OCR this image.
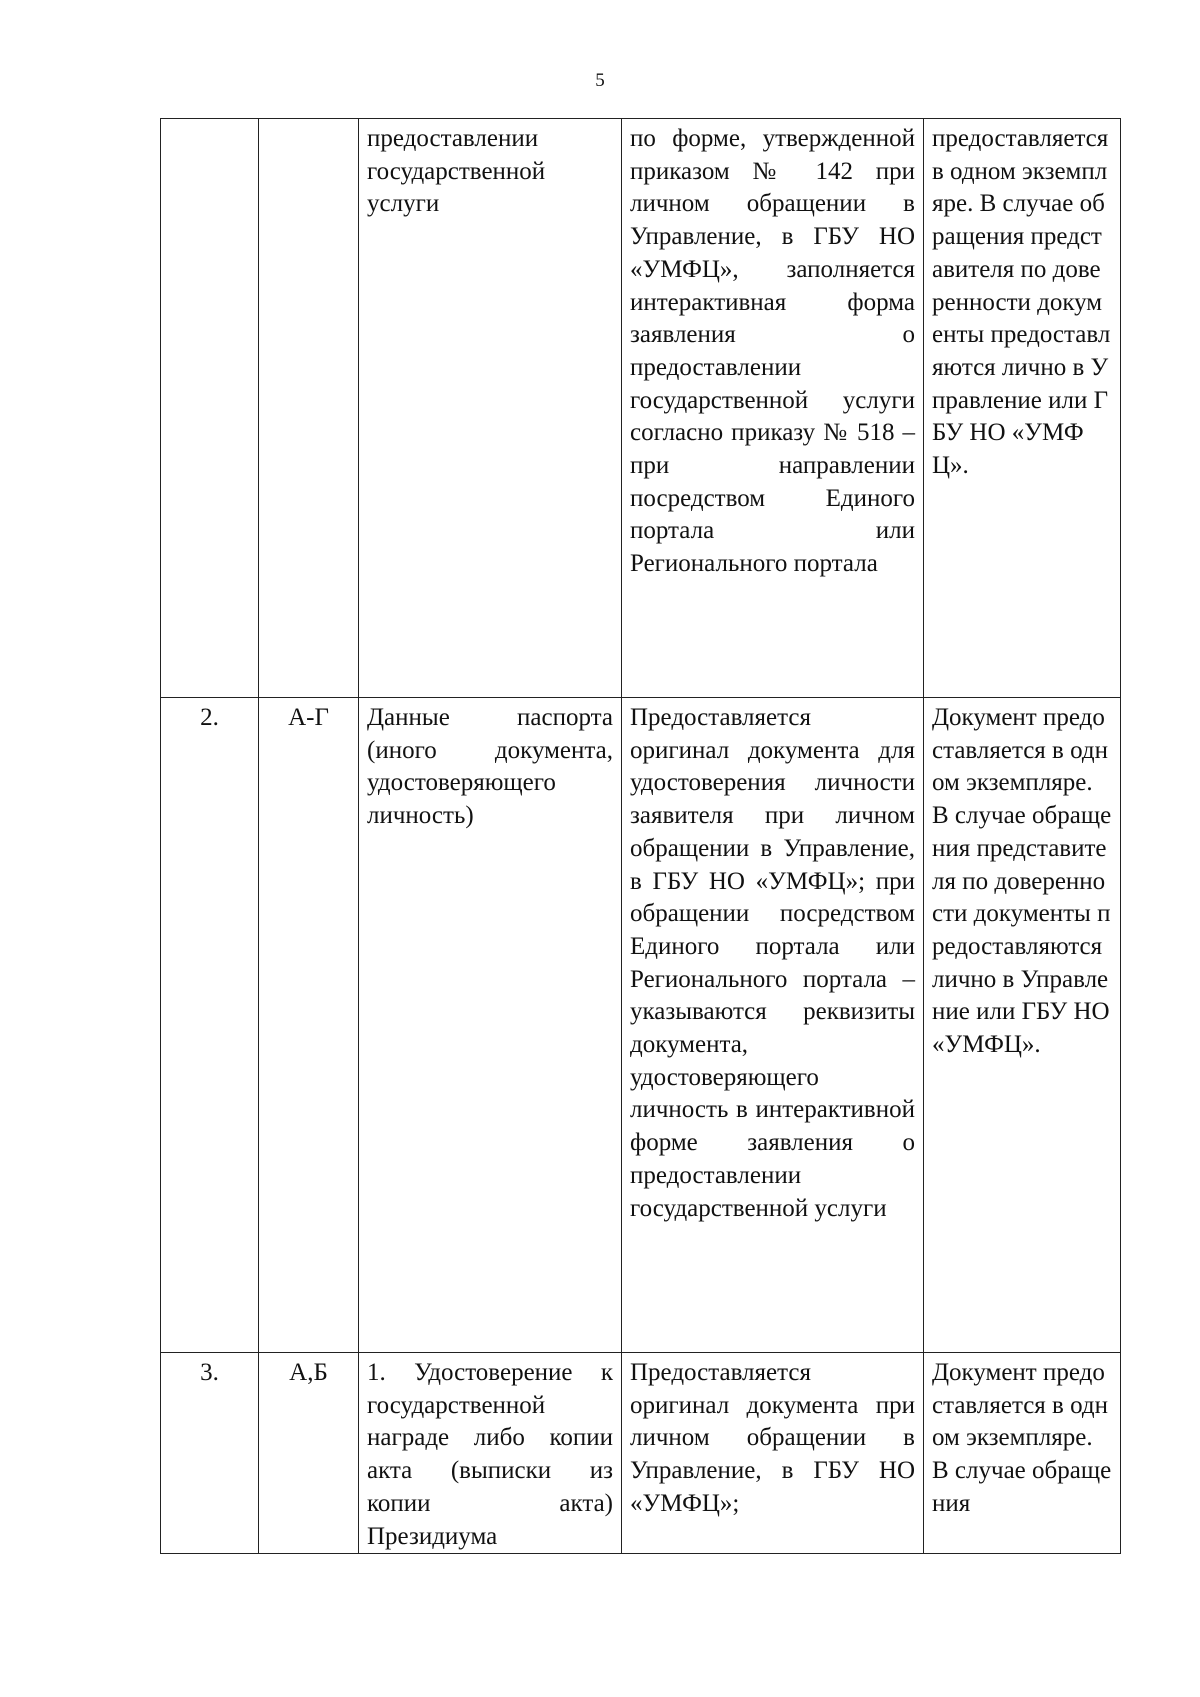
5
		предоставлении государственной услуги	по форме, утвержденной приказом № 142 при личном обращении в Управление, в ГБУ НО «УМФЦ», заполняется интерактивная форма заявления о предоставлении государственной услуги согласно приказу № 518 – при направлении посредством Единого портала или Регионального портала	предоставляется в одном экземпляре. В случае обращения представителя по доверенности документы предоставляются лично в Управление или ГБУ НО «УМФЦ».
2.	А-Г	Данные паспорта (иного документа, удостоверяющего личность)	Предоставляется оригинал документа для удостоверения личности заявителя при личном обращении в Управление, в ГБУ НО «УМФЦ»; при обращении посредством Единого портала или Регионального портала – указываются реквизиты документа, удостоверяющего личность в интерактивной форме заявления о предоставлении государственной услуги	Документ предоставляется в одном экземпляре. В случае обращения представителя по доверенности документы предоставляются лично в Управление или ГБУ НО «УМФЦ».
3.	А,Б	1. Удостоверение к государственной награде либо копии акта (выписки из копии акта) Президиума	Предоставляется оригинал документа при личном обращении в Управление, в ГБУ НО «УМФЦ»;	Документ предоставляется в одном экземпляре. В случае обращения
